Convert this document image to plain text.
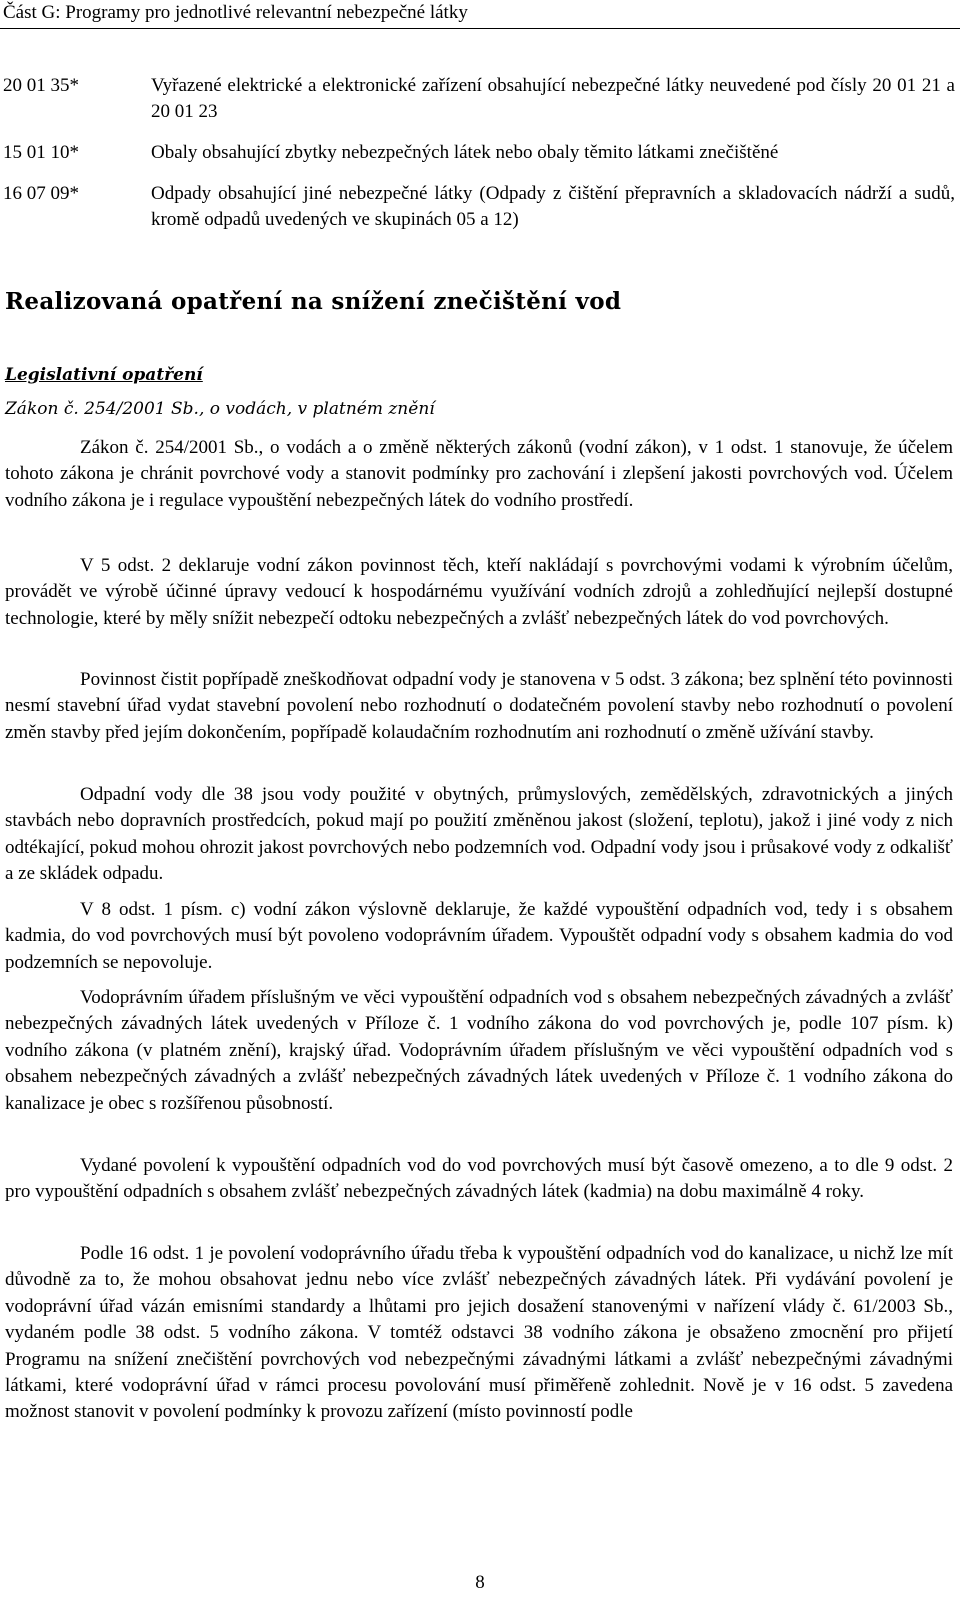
Část G: Programy pro jednotlivé relevantní nebezpečné látky
20 01 35*	Vyřazené elektrické a elektronické zařízení obsahující nebezpečné látky neuvedené pod čísly 20 01 21 a 20 01 23
15 01 10*	Obaly obsahující zbytky nebezpečných látek nebo obaly těmito látkami znečištěné
16 07 09*	Odpady obsahující jiné nebezpečné látky (Odpady z čištění přepravních a skladovacích nádrží a sudů, kromě odpadů uvedených ve skupinách 05 a 12)
Realizovaná opatření na snížení znečištění vod
Legislativní opatření
Zákon č. 254/2001 Sb., o vodách, v platném znění
Zákon č. 254/2001 Sb., o vodách a o změně některých zákonů (vodní zákon), v 1 odst. 1 stanovuje, že účelem tohoto zákona je chránit povrchové vody a stanovit podmínky pro zachování i zlepšení jakosti povrchových vod. Účelem vodního zákona je i regulace vypouštění nebezpečných látek do vodního prostředí.
V 5 odst. 2 deklaruje vodní zákon povinnost těch, kteří nakládají s povrchovými vodami k výrobním účelům, provádět ve výrobě účinné úpravy vedoucí k hospodárnému využívání vodních zdrojů a zohledňující nejlepší dostupné technologie, které by měly snížit nebezpečí odtoku nebezpečných a zvlášť nebezpečných látek do vod povrchových.
Povinnost čistit popřípadě zneškodňovat odpadní vody je stanovena v 5 odst. 3 zákona; bez splnění této povinnosti nesmí stavební úřad vydat stavební povolení nebo rozhodnutí o dodatečném povolení stavby nebo rozhodnutí o povolení změn stavby před jejím dokončením, popřípadě kolaudačním rozhodnutím ani rozhodnutí o změně užívání stavby.
Odpadní vody dle 38 jsou vody použité v obytných, průmyslových, zemědělských, zdravotnických a jiných stavbách nebo dopravních prostředcích, pokud mají po použití změněnou jakost (složení, teplotu), jakož i jiné vody z nich odtékající, pokud mohou ohrozit jakost povrchových nebo podzemních vod. Odpadní vody jsou i průsakové vody z odkališť a ze skládek odpadu.
V 8 odst. 1 písm. c) vodní zákon výslovně deklaruje, že každé vypouštění odpadních vod, tedy i s obsahem kadmia, do vod povrchových musí být povoleno vodoprávním úřadem. Vypouštět odpadní vody s obsahem kadmia do vod podzemních se nepovoluje.
Vodoprávním úřadem příslušným ve věci vypouštění odpadních vod s obsahem nebezpečných závadných a zvlášť nebezpečných závadných látek uvedených v Příloze č. 1 vodního zákona do vod povrchových je, podle 107 písm. k) vodního zákona (v platném znění), krajský úřad. Vodoprávním úřadem příslušným ve věci vypouštění odpadních vod s obsahem nebezpečných závadných a zvlášť nebezpečných závadných látek uvedených v Příloze č. 1 vodního zákona do kanalizace je obec s rozšířenou působností.
Vydané povolení k vypouštění odpadních vod do vod povrchových musí být časově omezeno, a to dle 9 odst. 2 pro vypouštění odpadních s obsahem zvlášť nebezpečných závadných látek (kadmia) na dobu maximálně 4 roky.
Podle 16 odst. 1 je povolení vodoprávního úřadu třeba k vypouštění odpadních vod do kanalizace, u nichž lze mít důvodně za to, že mohou obsahovat jednu nebo více zvlášť nebezpečných závadných látek. Při vydávání povolení je vodoprávní úřad vázán emisními standardy a lhůtami pro jejich dosažení stanovenými v nařízení vlády č. 61/2003 Sb., vydaném podle 38 odst. 5 vodního zákona. V tomtéž odstavci 38 vodního zákona je obsaženo zmocnění pro přijetí Programu na snížení znečištění povrchových vod nebezpečnými závadnými látkami a zvlášť nebezpečnými závadnými látkami, které vodoprávní úřad v rámci procesu povolování musí přiměřeně zohlednit. Nově je v 16 odst. 5 zavedena možnost stanovit v povolení podmínky k provozu zařízení (místo povinností podle
8
